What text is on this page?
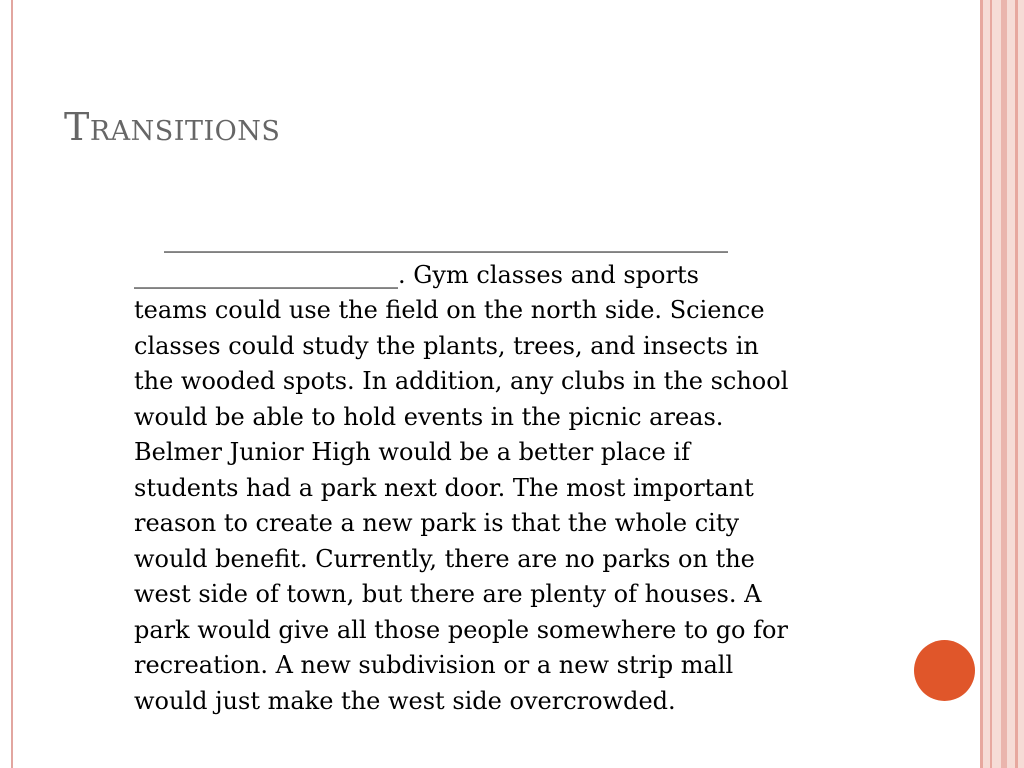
Transitions
_______________________________________________
______________________. Gym classes and sports
teams could use the field on the north side. Science
classes could study the plants, trees, and insects in
the wooded spots. In addition, any clubs in the school
would be able to hold events in the picnic areas.
Belmer Junior High would be a better place if
students had a park next door. The most important
reason to create a new park is that the whole city
would benefit. Currently, there are no parks on the
west side of town, but there are plenty of houses. A
park would give all those people somewhere to go for
recreation. A new subdivision or a new strip mall
would just make the west side overcrowded.
